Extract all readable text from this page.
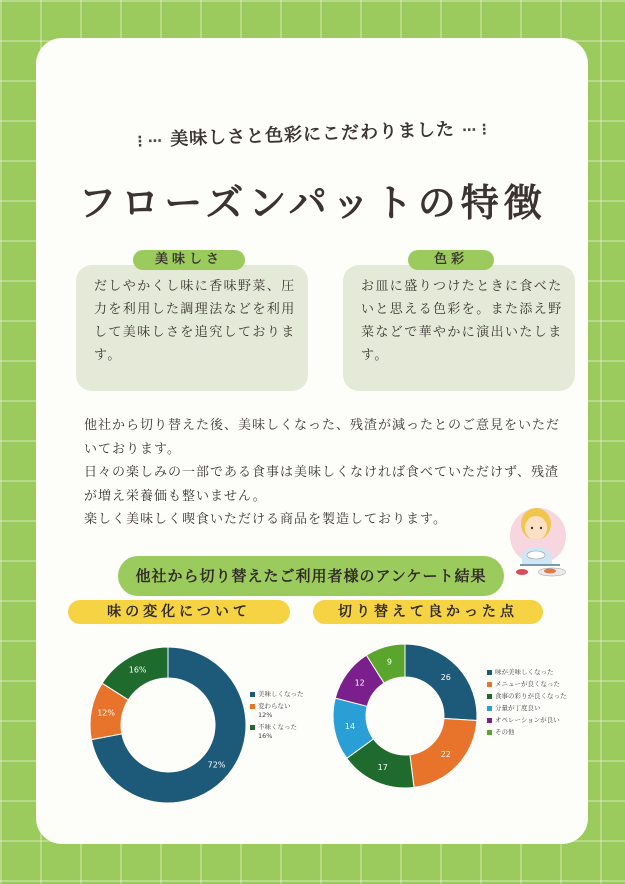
⋮⋯ 美味しさと色彩にこだわりました ⋯⋮
フローズンパットの特徴
だしやかくし味に香味野菜、圧力を利用した調理法などを利用して美味しさを追究しております。
美味しさ
お皿に盛りつけたときに食べたいと思える色彩を。また添え野菜などで華やかに演出いたします。
色彩

他社から切り替えた後、美味しくなった、残渣が減ったとのご意見をいただいております。

日々の楽しみの一部である食事は美味しくなければ食べていただけず、残渣が増え栄養価も整いません。

楽しく美味しく喫食いただける商品を製造しております。

他社から切り替えたご利用者様のアンケート結果
味の変化について	切り替えて良かった点
72%
12%
16%
美味しくなった
変わらない
12%
不味くなった
16%
26
22
17
14
12
9
味が美味しくなった
メニューが良くなった
食事の彩りが良くなった
分量が丁度良い
オペレーションが良い
その他
